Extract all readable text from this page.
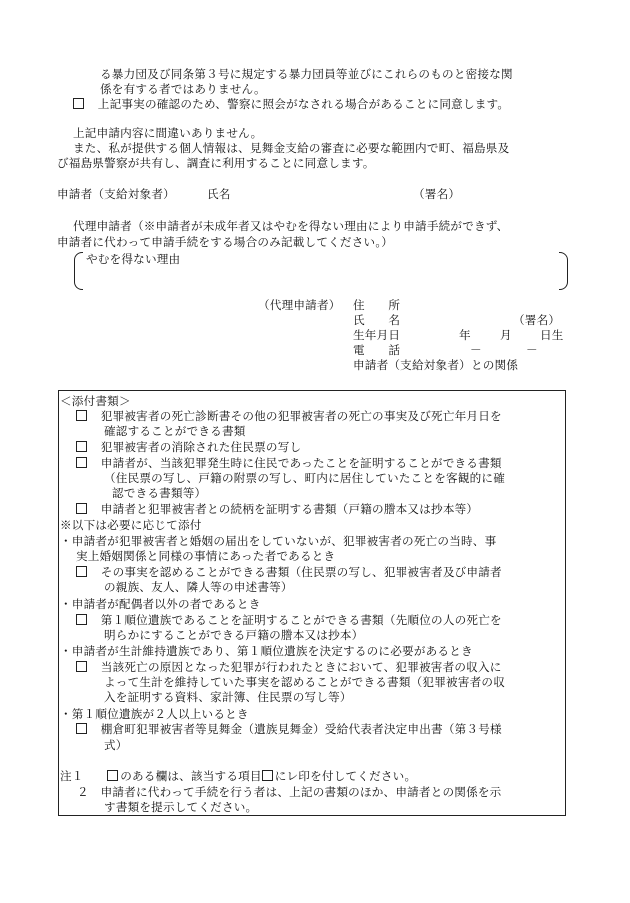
る暴力団及び同条第３号に規定する暴力団員等並びにこれらのものと密接な関
係を有する者ではありません。
　上記事実の確認のため、警察に照会がなされる場合があることに同意します。
上記申請内容に間違いありません。
また、私が提供する個人情報は、見舞金支給の審査に必要な範囲内で町、福島県及
び福島県警察が共有し、調査に利用することに同意します。
申請者（支給対象者）	氏名	（署名）
代理申請者（※申請者が未成年者又はやむを得ない理由により申請手続ができず、
申請者に代わって申請手続をする場合のみ記載してください。）
やむを得ない理由
（代理申請者） 住　　所
氏　　名	（署名）
生年月日	年	月 日生
電　　話	－	－
申請者（支給対象者）との関係
＜添付書類＞
　犯罪被害者の死亡診断書その他の犯罪被害者の死亡の事実及び死亡年月日を
確認することができる書類
　犯罪被害者の消除された住民票の写し
　申請者が、当該犯罪発生時に住民であったことを証明することができる書類
（住民票の写し、戸籍の附票の写し、町内に居住していたことを客観的に確
認できる書類等）
　申請者と犯罪被害者との続柄を証明する書類（戸籍の謄本又は抄本等）
※以下は必要に応じて添付
・申請者が犯罪被害者と婚姻の届出をしていないが、犯罪被害者の死亡の当時、事
実上婚姻関係と同様の事情にあった者であるとき
　その事実を認めることができる書類（住民票の写し、犯罪被害者及び申請者
の親族、友人、隣人等の申述書等）
・申請者が配偶者以外の者であるとき
　第１順位遺族であることを証明することができる書類（先順位の人の死亡を
明らかにすることができる戸籍の謄本又は抄本）
・申請者が生計維持遺族であり、第１順位遺族を決定するのに必要があるとき
　当該死亡の原因となった犯罪が行われたときにおいて、犯罪被害者の収入に
よって生計を維持していた事実を認めることができる書類（犯罪被害者の収
入を証明する資料、家計簿、住民票の写し等）
・第１順位遺族が２人以上いるとき
　棚倉町犯罪被害者等見舞金（遺族見舞金）受給代表者決定申出書（第３号様
式）
注１　　	のある欄は、該当する項目 にレ印を付してください。
２　 申請者に代わって手続を行う者は、上記の書類のほか、申請者との関係を示
す書類を提示してください。
